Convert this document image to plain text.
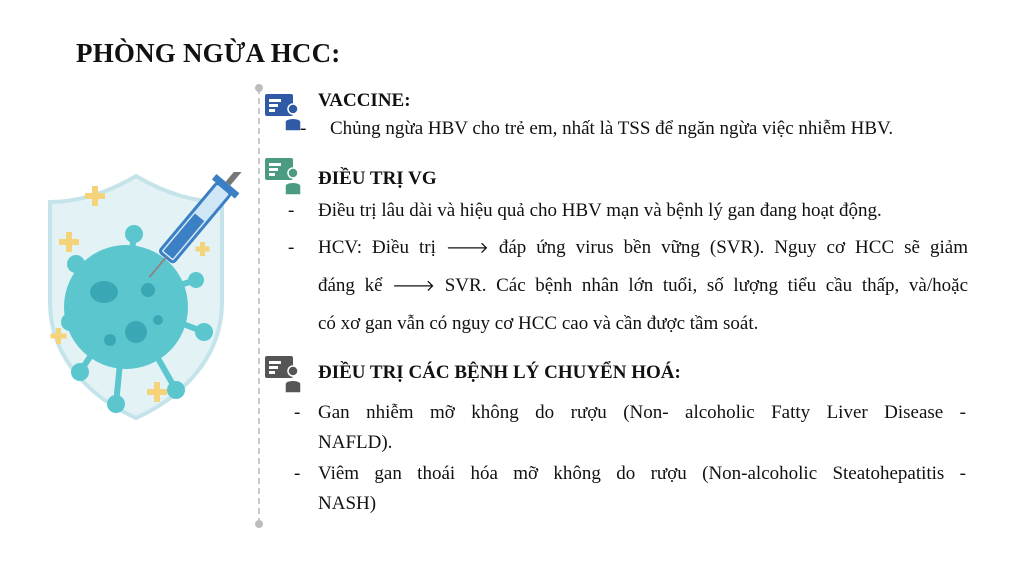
PHÒNG NGỪA HCC:
VACCINE:
- Chủng ngừa HBV cho trẻ em, nhất là TSS để ngăn ngừa việc nhiễm HBV.
ĐIỀU TRỊ VG
- Điều trị lâu dài và hiệu quả cho HBV mạn và bệnh lý gan đang hoạt động.
- HCV: Điều trị 🡒 đáp ứng virus bền vững (SVR). Nguy cơ HCC sẽ giảm
đáng kể 🡒 SVR. Các bệnh nhân lớn tuổi, số lượng tiểu cầu thấp, và/hoặc
có xơ gan vẫn có nguy cơ HCC cao và cần được tầm soát.
ĐIỀU TRỊ CÁC BỆNH LÝ CHUYỂN HOÁ:
- Gan nhiễm mỡ không do rượu (Non- alcoholic Fatty Liver Disease -
NAFLD).
- Viêm gan thoái hóa mỡ không do rượu (Non-alcoholic Steatohepatitis -
NASH)
